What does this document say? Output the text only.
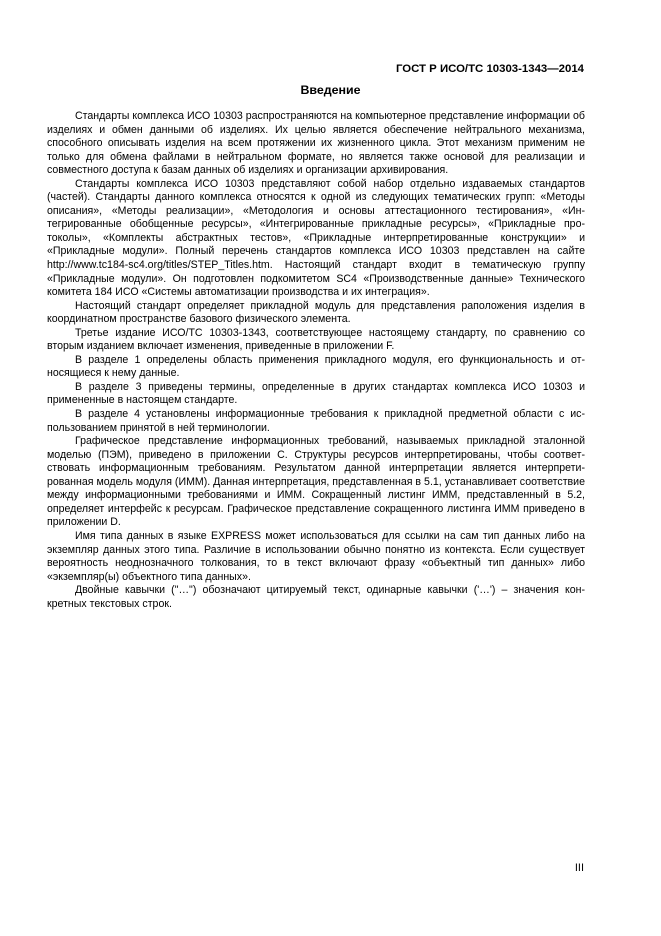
ГОСТ Р ИСО/ТС 10303-1343—2014
Введение

Стандарты комплекса ИСО 10303 распространяются на компьютерное представление информации об изделиях и обмен данными об изделиях. Их целью является обеспечение нейтрального механизма, способного описывать изделия на всем протяжении их жизненного цикла. Этот механизм применим не только для обмена файлами в нейтральном формате, но является также основой для реализации и совместного доступа к базам данных об изделиях и организации архивирования.

Стандарты комплекса ИСО 10303 представляют собой набор отдельно издаваемых стандартов (частей). Стандарты данного комплекса относятся к одной из следующих тематических групп: «Методы описания», «Методы реализации», «Методология и основы аттестационного тестирования», «Интегрированные обобщенные ресурсы», «Интегрированные прикладные ресурсы», «Прикладные протоколы», «Комплекты абстрактных тестов», «Прикладные интерпретированные конструкции» и «Прикладные модули». Полный перечень стандартов комплекса ИСО 10303 представлен на сайте http://www.tc184-sc4.org/titles/STEP_Titles.htm. Настоящий стандарт входит в тематическую группу «Прикладные модули». Он подготовлен подкомитетом SC4 «Производственные данные» Технического комитета 184 ИСО «Системы автоматизации производства и их интеграция».

Настоящий стандарт определяет прикладной модуль для представления раположения изделия в координатном пространстве базового физического элемента.

Третье издание ИСО/ТС 10303-1343, соответствующее настоящему стандарту, по сравнению со вторым изданием включает изменения, приведенные в приложении F.

В разделе 1 определены область применения прикладного модуля, его функциональность и относящиеся к нему данные.

В разделе 3 приведены термины, определенные в других стандартах комплекса ИСО 10303 и примененные в настоящем стандарте.

В разделе 4 установлены информационные требования к прикладной предметной области с использованием принятой в ней терминологии.

Графическое представление информационных требований, называемых прикладной эталонной моделью (ПЭМ), приведено в приложении С. Структуры ресурсов интерпретированы, чтобы соответствовать информационным требованиям. Результатом данной интерпретации является интерпретированная модель модуля (ИММ). Данная интерпретация, представленная в 5.1, устанавливает соответствие между информационными требованиями и ИММ. Сокращенный листинг ИММ, представленный в 5.2, определяет интерфейс к ресурсам. Графическое представление сокращенного листинга ИММ приведено в приложении D.

Имя типа данных в языке EXPRESS может использоваться для ссылки на сам тип данных либо на экземпляр данных этого типа. Различие в использовании обычно понятно из контекста. Если существует вероятность неоднозначного толкования, то в текст включают фразу «объектный тип данных» либо «экземпляр(ы) объектного типа данных».

Двойные кавычки ("…") обозначают цитируемый текст, одинарные кавычки ('…') – значения конкретных текстовых строк.

III
